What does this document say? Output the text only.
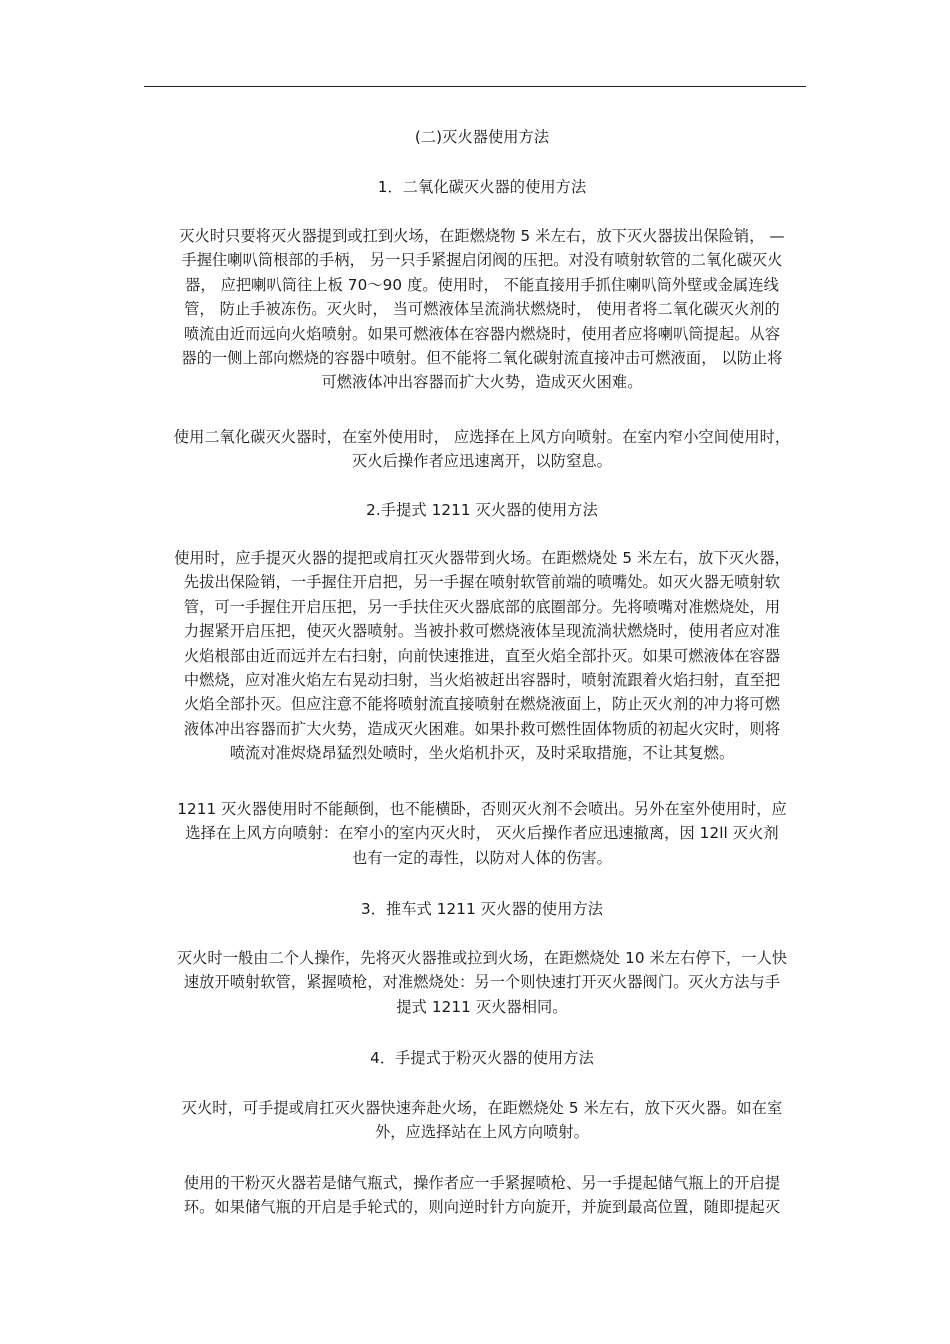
(二)灭火器使用方法

1．二氧化碳灭火器的使用方法

灭火时只要将灭火器提到或扛到火场，在距燃烧物 5 米左右，放下灭火器拔出保险销， —
手握住喇叭筒根部的手柄， 另一只手紧握启闭阀的压把。对没有喷射软管的二氧化碳灭火
器， 应把喇叭筒往上板 70～90 度。使用时， 不能直接用手抓住喇叭筒外壁或金属连线
管， 防止手被冻伤。灭火时， 当可燃液体呈流淌状燃烧时， 使用者将二氧化碳灭火剂的
喷流由近而远向火焰喷射。如果可燃液体在容器内燃烧时，使用者应将喇叭筒提起。从容
器的一侧上部向燃烧的容器中喷射。但不能将二氧化碳射流直接冲击可燃液面， 以防止将
可燃液体冲出容器而扩大火势，造成灭火困难。

使用二氧化碳灭火器时，在室外使用时， 应选择在上风方向喷射。在室内窄小空间使用时，
灭火后操作者应迅速离开，以防窒息。

2.手提式 1211 灭火器的使用方法

使用时，应手提灭火器的提把或肩扛灭火器带到火场。在距燃烧处 5 米左右，放下灭火器，
先拔出保险销，一手握住开启把，另一手握在喷射软管前端的喷嘴处。如灭火器无喷射软
管，可一手握住开启压把，另一手扶住灭火器底部的底圈部分。先将喷嘴对准燃烧处，用
力握紧开启压把，使灭火器喷射。当被扑救可燃烧液体呈现流淌状燃烧时，使用者应对准
火焰根部由近而远并左右扫射，向前快速推进，直至火焰全部扑灭。如果可燃液体在容器
中燃烧，应对准火焰左右晃动扫射，当火焰被赶出容器时，喷射流跟着火焰扫射，直至把
火焰全部扑灭。但应注意不能将喷射流直接喷射在燃烧液面上，防止灭火剂的冲力将可燃
液体冲出容器而扩大火势，造成灭火困难。如果扑救可燃性固体物质的初起火灾时，则将
喷流对准烬烧昂猛烈处喷时，坐火焰机扑灭，及时采取措施，不让其复燃。

1211 灭火器使用时不能颠倒，也不能横卧，否则灭火剂不会喷出。另外在室外使用时，应
选择在上风方向喷射：在窄小的室内灭火时， 灭火后操作者应迅速撤离，因 12ll 灭火剂
也有一定的毒性，以防对人体的伤害。

3．推车式 1211 灭火器的使用方法

灭火时一般由二个人操作，先将灭火器推或拉到火场，在距燃烧处 10 米左右停下，一人快
速放开喷射软管，紧握喷枪，对准燃烧处：另一个则快速打开灭火器阀门。灭火方法与手
提式 1211 灭火器相同。

4．手提式于粉灭火器的使用方法

灭火时，可手提或肩扛灭火器快速奔赴火场，在距燃烧处 5 米左右，放下灭火器。如在室
外，应选择站在上风方向喷射。

使用的干粉灭火器若是储气瓶式，操作者应一手紧握喷枪、另一手提起储气瓶上的开启提
环。如果储气瓶的开启是手轮式的，则向逆时针方向旋开，并旋到最高位置，随即提起灭
